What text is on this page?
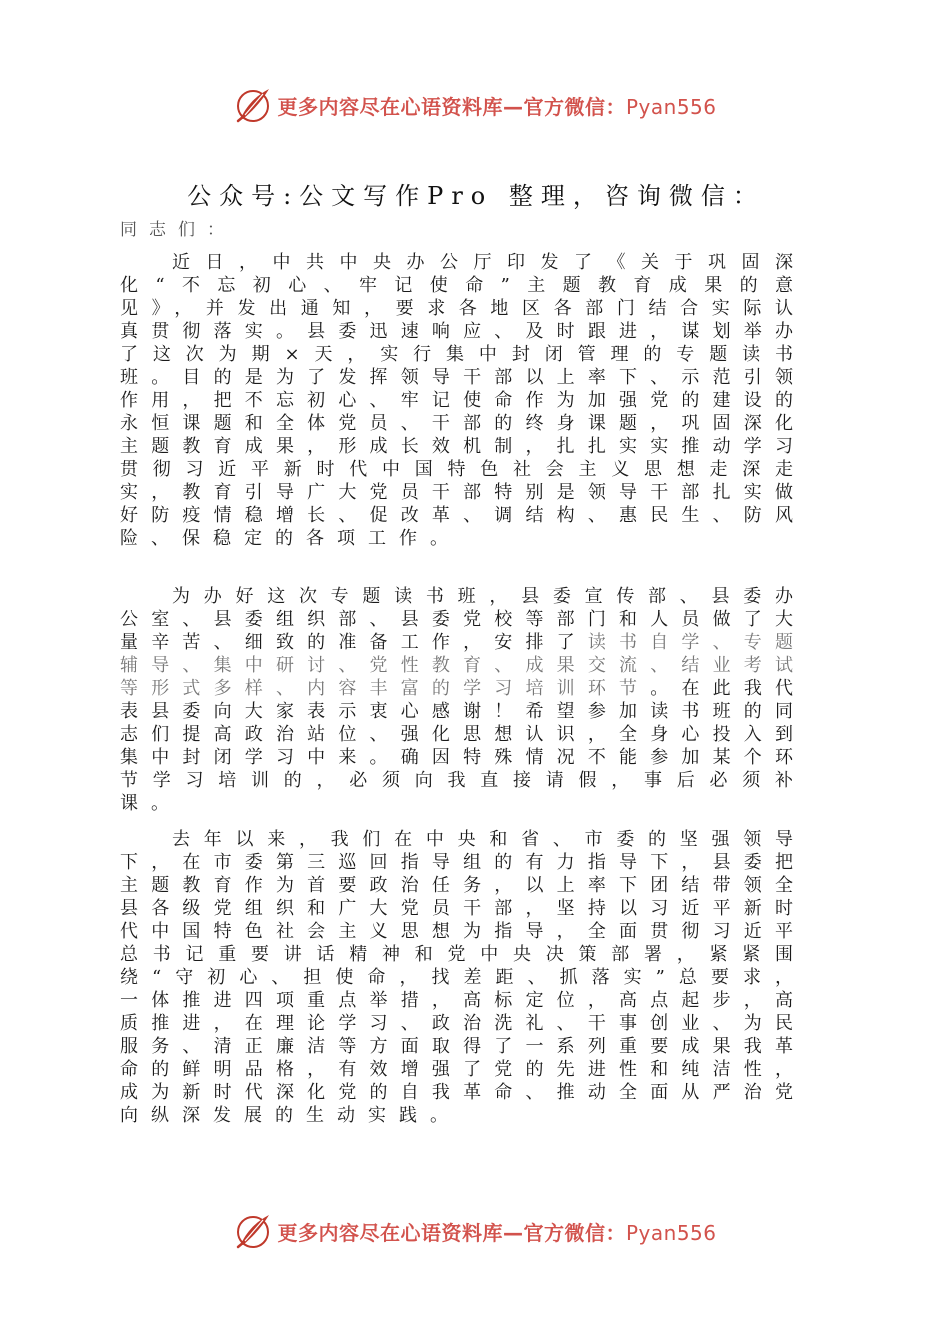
更多内容尽在心语资料库—官方微信：Pyan556
公众号:公文写作Pro 整理，咨询微信：
同志们：

近日，中共中央办公厅印发了《关于巩固深化“不忘初心、牢记使命”主题教育成果的意见》，并发出通知，要求各地区各部门结合实际认真贯彻落实。县委迅速响应、及时跟进，谋划举办了这次为期×天，实行集中封闭管理的专题读书班。目的是为了发挥领导干部以上率下、示范引领作用，把不忘初心、牢记使命作为加强党的建设的永恒课题和全体党员、干部的终身课题，巩固深化主题教育成果，形成长效机制，扎扎实实推动学习贯彻习近平新时代中国特色社会主义思想走深走实，教育引导广大党员干部特别是领导干部扎实做好防疫情稳增长、促改革、调结构、惠民生、防风险、保稳定的各项工作。

为办好这次专题读书班，县委宣传部、县委办公室、县委组织部、县委党校等部门和人员做了大量辛苦、细致的准备工作，安排了读书自学、专题辅导、集中研讨、党性教育、成果交流、结业考试等形式多样、内容丰富的学习培训环节。在此我代表县委向大家表示衷心感谢！希望参加读书班的同志们提高政治站位、强化思想认识，全身心投入到集中封闭学习中来。确因特殊情况不能参加某个环节学习培训的，必须向我直接请假，事后必须补课。

去年以来，我们在中央和省、市委的坚强领导下，在市委第三巡回指导组的有力指导下，县委把主题教育作为首要政治任务，以上率下团结带领全县各级党组织和广大党员干部，坚持以习近平新时代中国特色社会主义思想为指导，全面贯彻习近平总书记重要讲话精神和党中央决策部署，紧紧围绕“守初心、担使命，找差距、抓落实”总要求，一体推进四项重点举措，高标定位，高点起步，高质推进，在理论学习、政治洗礼、干事创业、为民服务、清正廉洁等方面取得了一系列重要成果我革命的鲜明品格，有效增强了党的先进性和纯洁性，成为新时代深化党的自我革命、推动全面从严治党向纵深发展的生动实践。

更多内容尽在心语资料库—官方微信：Pyan556
